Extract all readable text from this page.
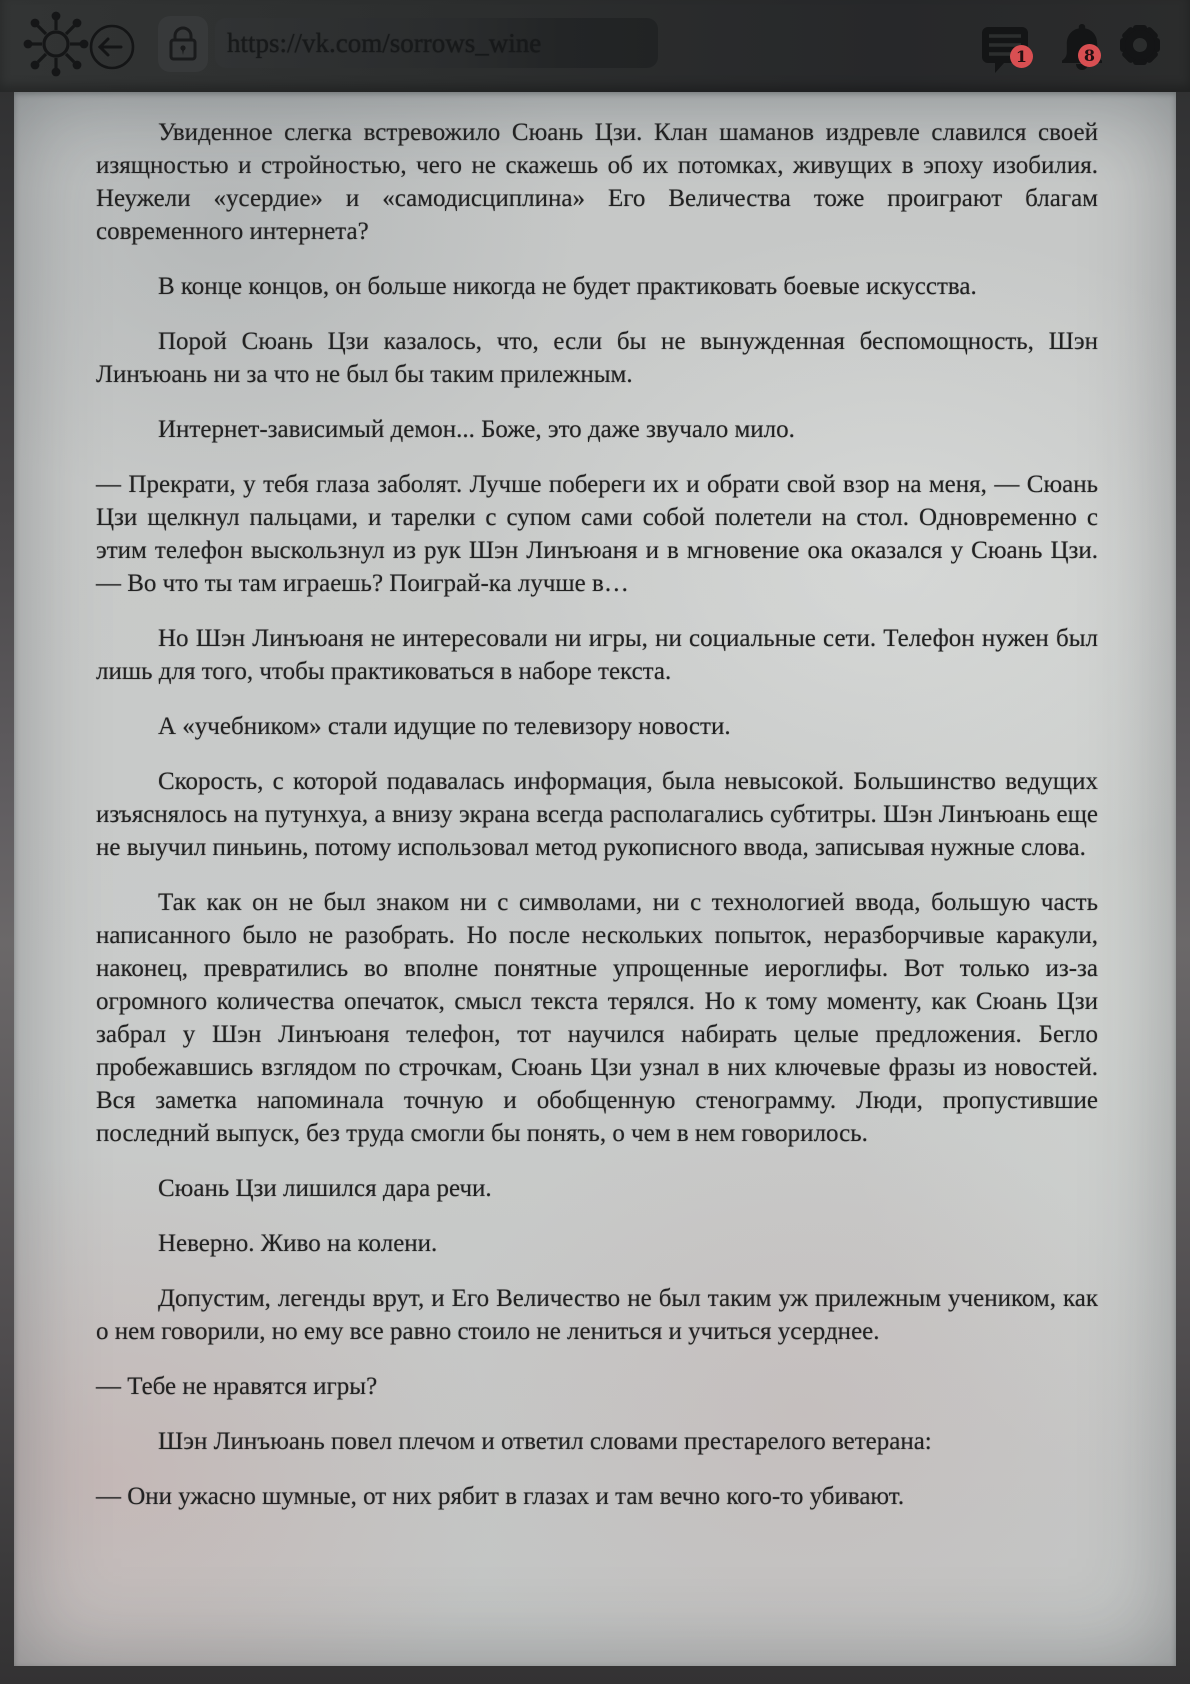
https://vk.com/sorrows_wine	1	8

Увиденное слегка встревожило Сюань Цзи. Клан шаманов издревле славился своей изящностью и стройностью, чего не скажешь об их потомках, живущих в эпоху изобилия. Неужели «усердие» и «самодисциплина» Его Величества тоже проиграют благам современного интернета?

В конце концов, он больше никогда не будет практиковать боевые искусства.

Порой Сюань Цзи казалось, что, если бы не вынужденная беспомощность, Шэн Линъюань ни за что не был бы таким прилежным.

Интернет-зависимый демон... Боже, это даже звучало мило.

— Прекрати, у тебя глаза заболят. Лучше побереги их и обрати свой взор на меня, — Сюань Цзи щелкнул пальцами, и тарелки с супом сами собой полетели на стол. Одновременно с этим телефон выскользнул из рук Шэн Линъюаня и в мгновение ока оказался у Сюань Цзи. — Во что ты там играешь? Поиграй-ка лучше в…

Но Шэн Линъюаня не интересовали ни игры, ни социальные сети. Телефон нужен был лишь для того, чтобы практиковаться в наборе текста.

А «учебником» стали идущие по телевизору новости.

Скорость, с которой подавалась информация, была невысокой. Большинство ведущих изъяснялось на путунхуа, а внизу экрана всегда располагались субтитры. Шэн Линъюань еще не выучил пиньинь, потому использовал метод рукописного ввода, записывая нужные слова.

Так как он не был знаком ни с символами, ни с технологией ввода, большую часть написанного было не разобрать. Но после нескольких попыток, неразборчивые каракули, наконец, превратились во вполне понятные упрощенные иероглифы. Вот только из-за огромного количества опечаток, смысл текста терялся. Но к тому моменту, как Сюань Цзи забрал у Шэн Линъюаня телефон, тот научился набирать целые предложения. Бегло пробежавшись взглядом по строчкам, Сюань Цзи узнал в них ключевые фразы из новостей. Вся заметка напоминала точную и обобщенную стенограмму. Люди, пропустившие последний выпуск, без труда смогли бы понять, о чем в нем говорилось.

Сюань Цзи лишился дара речи.

Неверно. Живо на колени.

Допустим, легенды врут, и Его Величество не был таким уж прилежным учеником, как о нем говорили, но ему все равно стоило не лениться и учиться усерднее.

— Тебе не нравятся игры?

Шэн Линъюань повел плечом и ответил словами престарелого ветерана:

— Они ужасно шумные, от них рябит в глазах и там вечно кого-то убивают.
